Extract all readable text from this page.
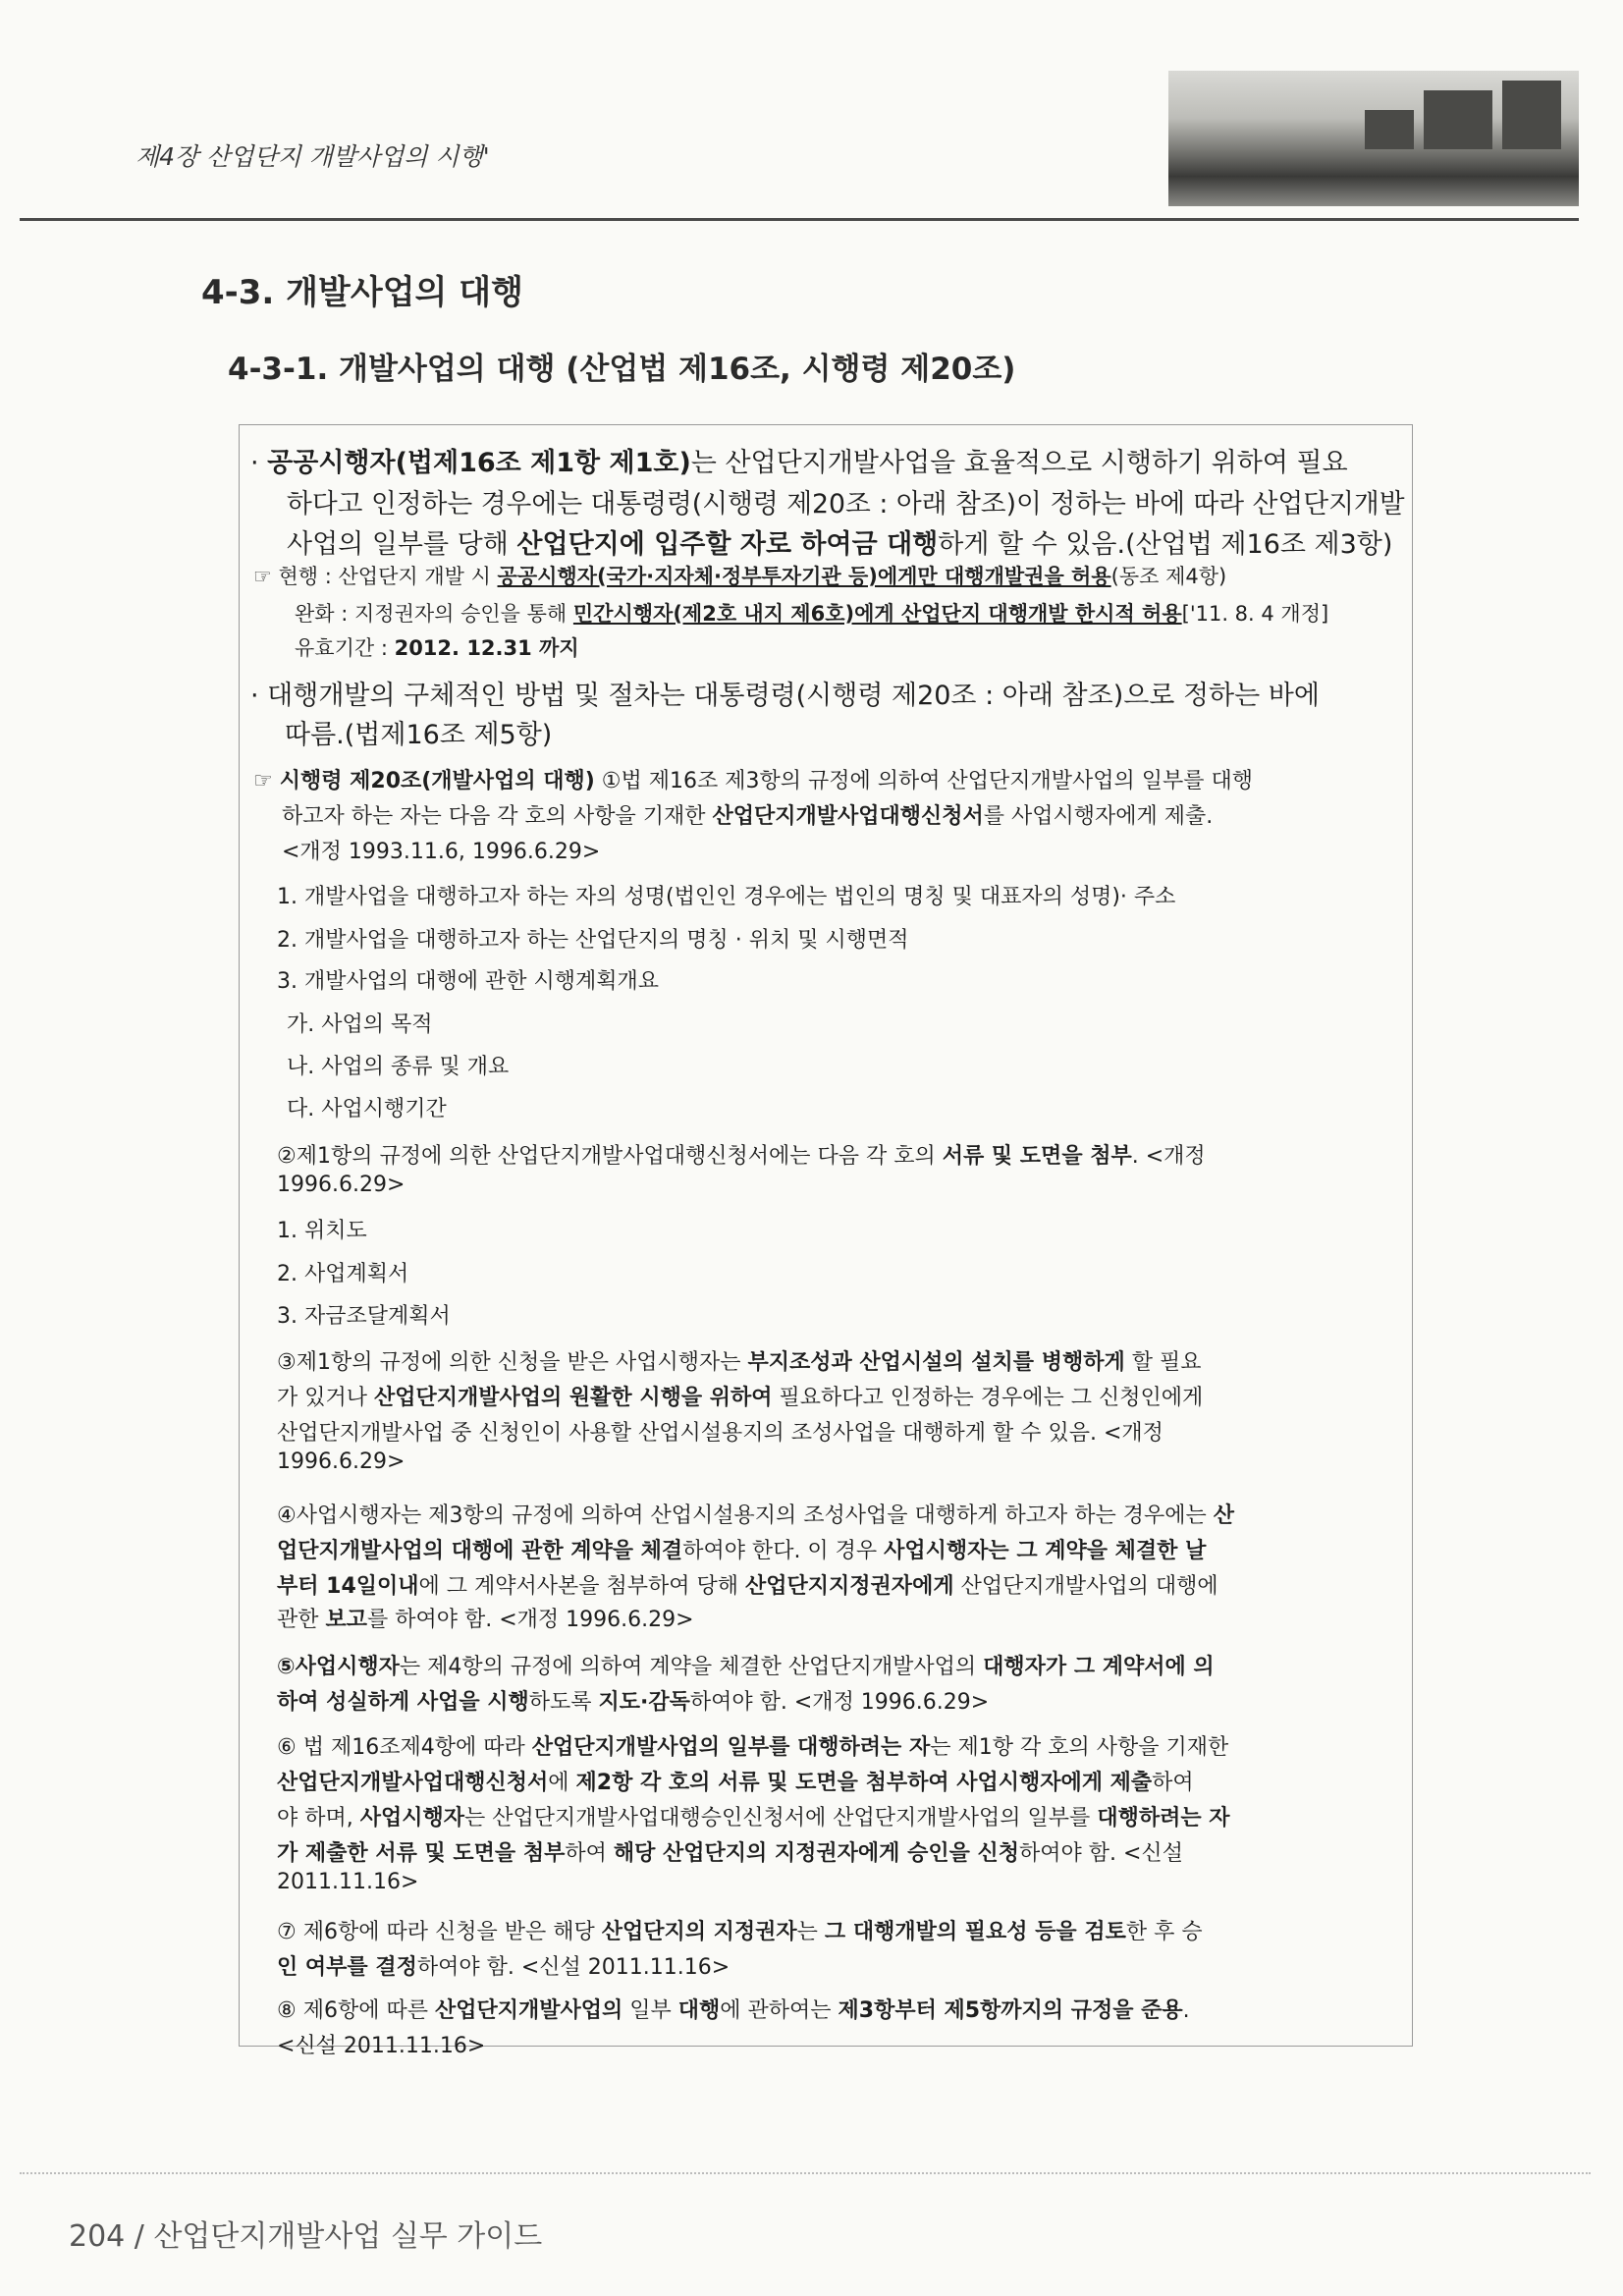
제4장 산업단지 개발사업의 시행'
4-3. 개발사업의 대행
4-3-1. 개발사업의 대행 (산업법 제16조, 시행령 제20조)
· 공공시행자(법제16조 제1항 제1호)는 산업단지개발사업을 효율적으로 시행하기 위하여 필요
하다고 인정하는 경우에는 대통령령(시행령 제20조 : 아래 참조)이 정하는 바에 따라 산업단지개발
사업의 일부를 당해 산업단지에 입주할 자로 하여금 대행하게 할 수 있음.(산업법 제16조 제3항)
☞ 현행 : 산업단지 개발 시 공공시행자(국가·지자체·정부투자기관 등)에게만 대행개발권을 허용(동조 제4항)
완화 : 지정권자의 승인을 통해 민간시행자(제2호 내지 제6호)에게 산업단지 대행개발 한시적 허용['11. 8. 4 개정]
유효기간 : 2012. 12.31 까지
· 대행개발의 구체적인 방법 및 절차는 대통령령(시행령 제20조 : 아래 참조)으로 정하는 바에
따름.(법제16조 제5항)
☞ 시행령 제20조(개발사업의 대행) ①법 제16조 제3항의 규정에 의하여 산업단지개발사업의 일부를 대행
하고자 하는 자는 다음 각 호의 사항을 기재한 산업단지개발사업대행신청서를 사업시행자에게 제출.
<개정 1993.11.6, 1996.6.29>
1. 개발사업을 대행하고자 하는 자의 성명(법인인 경우에는 법인의 명칭 및 대표자의 성명)· 주소
2. 개발사업을 대행하고자 하는 산업단지의 명칭 · 위치 및 시행면적
3. 개발사업의 대행에 관한 시행계획개요
가. 사업의 목적
나. 사업의 종류 및 개요
다. 사업시행기간
②제1항의 규정에 의한 산업단지개발사업대행신청서에는 다음 각 호의 서류 및 도면을 첨부. <개정
1996.6.29>
1. 위치도
2. 사업계획서
3. 자금조달계획서
③제1항의 규정에 의한 신청을 받은 사업시행자는 부지조성과 산업시설의 설치를 병행하게 할 필요
가 있거나 산업단지개발사업의 원활한 시행을 위하여 필요하다고 인정하는 경우에는 그 신청인에게
산업단지개발사업 중 신청인이 사용할 산업시설용지의 조성사업을 대행하게 할 수 있음. <개정
1996.6.29>
④사업시행자는 제3항의 규정에 의하여 산업시설용지의 조성사업을 대행하게 하고자 하는 경우에는 산
업단지개발사업의 대행에 관한 계약을 체결하여야 한다. 이 경우 사업시행자는 그 계약을 체결한 날
부터 14일이내에 그 계약서사본을 첨부하여 당해 산업단지지정권자에게 산업단지개발사업의 대행에
관한 보고를 하여야 함. <개정 1996.6.29>
⑤사업시행자는 제4항의 규정에 의하여 계약을 체결한 산업단지개발사업의 대행자가 그 계약서에 의
하여 성실하게 사업을 시행하도록 지도·감독하여야 함. <개정 1996.6.29>
⑥ 법 제16조제4항에 따라 산업단지개발사업의 일부를 대행하려는 자는 제1항 각 호의 사항을 기재한
산업단지개발사업대행신청서에 제2항 각 호의 서류 및 도면을 첨부하여 사업시행자에게 제출하여
야 하며, 사업시행자는 산업단지개발사업대행승인신청서에 산업단지개발사업의 일부를 대행하려는 자
가 제출한 서류 및 도면을 첨부하여 해당 산업단지의 지정권자에게 승인을 신청하여야 함. <신설
2011.11.16>
⑦ 제6항에 따라 신청을 받은 해당 산업단지의 지정권자는 그 대행개발의 필요성 등을 검토한 후 승
인 여부를 결정하여야 함. <신설 2011.11.16>
⑧ 제6항에 따른 산업단지개발사업의 일부 대행에 관하여는 제3항부터 제5항까지의 규정을 준용.
<신설 2011.11.16>
204 / 산업단지개발사업 실무 가이드
